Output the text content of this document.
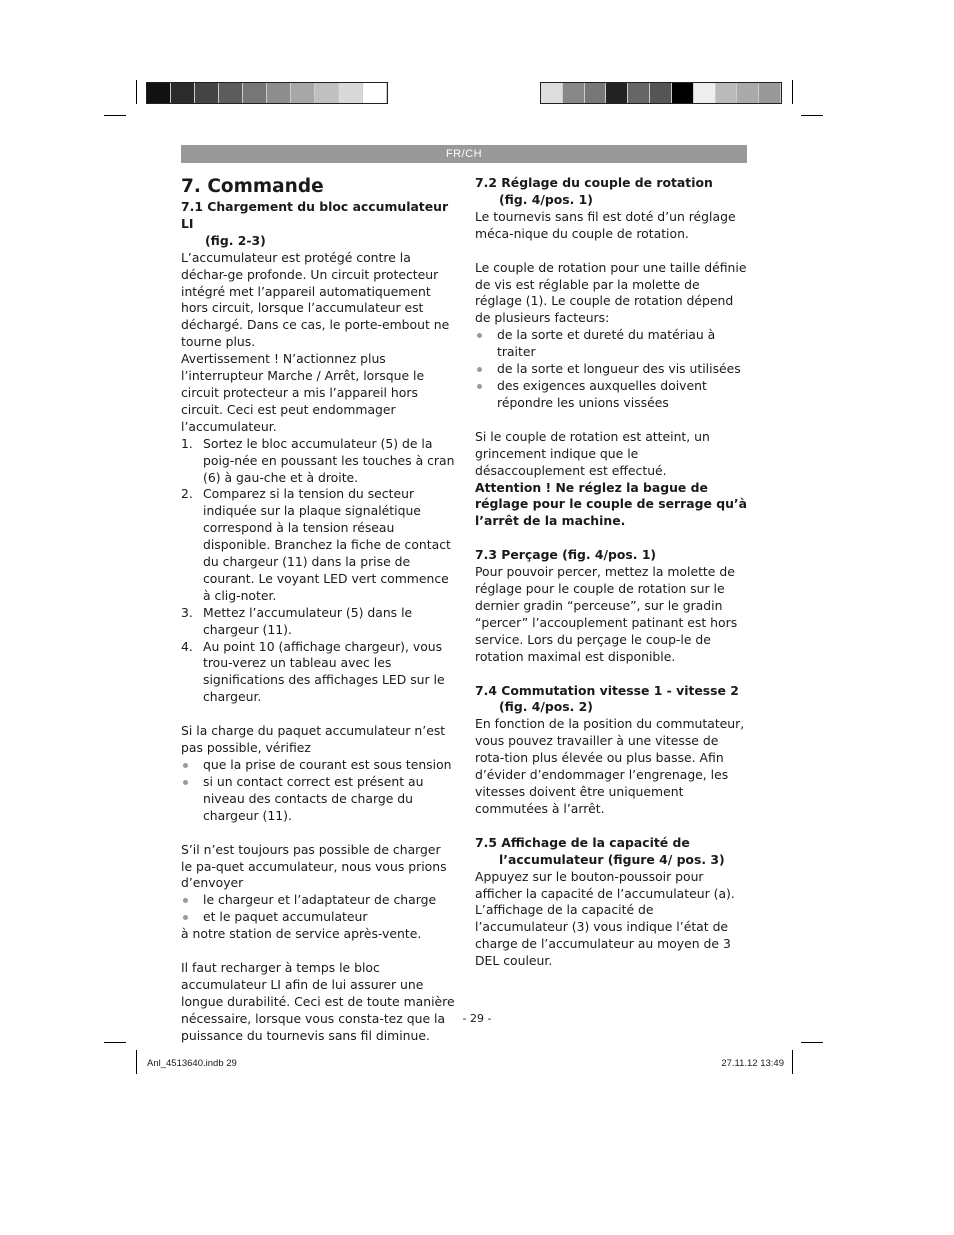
FR/CH

7. Commande

7.1 Chargement du bloc accumulateur LI
(fig. 2-3)

L’accumulateur est protégé contre la déchar-ge profonde. Un circuit protecteur intégré met l’appareil automatiquement hors circuit, lorsque l’accumulateur est déchargé. Dans ce cas, le porte-embout ne tourne plus.

Avertissement ! N’actionnez plus l’interrupteur Marche / Arrêt, lorsque le circuit protecteur a mis l’appareil hors circuit. Ceci est peut endommager l’accumulateur.

1. Sortez le bloc accumulateur (5) de la poig-née en poussant les touches à cran (6) à gau-che et à droite.
2. Comparez si la tension du secteur indiquée sur la plaque signalétique correspond à la tension réseau disponible. Branchez la fiche de contact du chargeur (11) dans la prise de courant. Le voyant LED vert commence à clig-noter.
3. Mettez l’accumulateur (5) dans le chargeur (11).
4. Au point 10 (affichage chargeur), vous trou-verez un tableau avec les significations des affichages LED sur le chargeur.

Si la charge du paquet accumulateur n’est pas possible, vérifiez

que la prise de courant est sous tension
si un contact correct est présent au niveau des contacts de charge du chargeur (11).

S’il n’est toujours pas possible de charger le pa-quet accumulateur, nous vous prions d’envoyer

le chargeur et l’adaptateur de charge
et le paquet accumulateur

à notre station de service après-vente.

Il faut recharger à temps le bloc accumulateur LI afin de lui assurer une longue durabilité. Ceci est de toute manière nécessaire, lorsque vous consta-tez que la puissance du tournevis sans fil diminue.

7.2 Réglage du couple de rotation
(fig. 4/pos. 1)

Le tournevis sans fil est doté d’un réglage méca-nique du couple de rotation.

Le couple de rotation pour une taille définie de vis est réglable par la molette de réglage (1). Le couple de rotation dépend de plusieurs facteurs:

de la sorte et dureté du matériau à traiter
de la sorte et longueur des vis utilisées
des exigences auxquelles doivent répondre les unions vissées

Si le couple de rotation est atteint, un grincement indique que le désaccouplement est effectué.

Attention ! Ne réglez la bague de réglage pour le couple de serrage qu’à l’arrêt de la machine.

7.3 Perçage (fig. 4/pos. 1)

Pour pouvoir percer, mettez la molette de réglage pour le couple de rotation sur le dernier gradin “perceuse”, sur le gradin “percer” l’accouplement patinant est hors service. Lors du perçage le coup-le de rotation maximal est disponible.

7.4 Commutation vitesse 1 - vitesse 2
(fig. 4/pos. 2)

En fonction de la position du commutateur, vous pouvez travailler à une vitesse de rota-tion plus élevée ou plus basse. Afin d’évider d’endommager l’engrenage, les vitesses doivent être uniquement commutées à l’arrêt.

7.5 Affichage de la capacité de
l’accumulateur (figure 4/ pos. 3)

Appuyez sur le bouton-poussoir pour afficher la capacité de l’accumulateur (a). L’affichage de la capacité de l’accumulateur (3) vous indique l’état de charge de l’accumulateur au moyen de 3 DEL couleur.

- 29 -
Anl_4513640.indb 29	27.11.12 13:49
